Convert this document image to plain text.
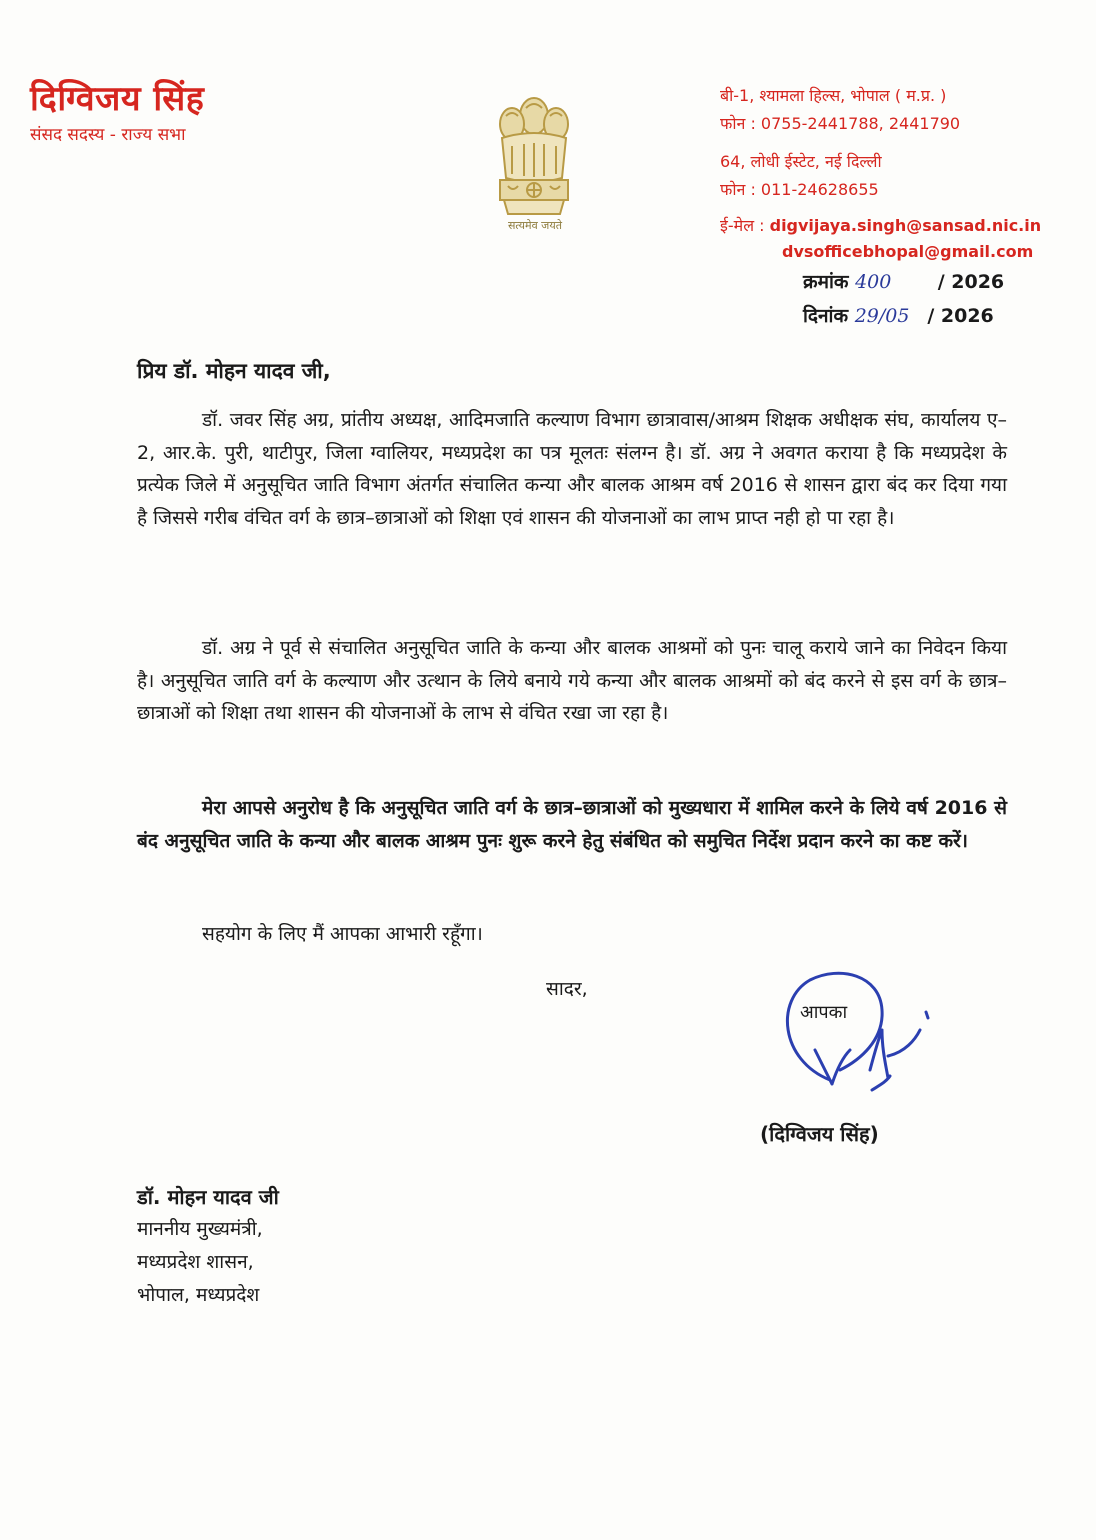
दिग्विजय सिंह
संसद सदस्य - राज्य सभा
सत्यमेव जयते
बी-1, श्यामला हिल्स, भोपाल ( म.प्र. )
फोन : 0755-2441788, 2441790
64, लोधी ईस्टेट, नई दिल्ली
फोन : 011-24628655
ई-मेल : digvijaya.singh@sansad.nic.in
dvsofficebhopal@gmail.com
क्रमांक 400 / 2026
दिनांक 29/05 / 2026
प्रिय डॉ. मोहन यादव जी,
डॉ. जवर सिंह अग्र, प्रांतीय अध्यक्ष, आदिमजाति कल्याण विभाग छात्रावास/आश्रम शिक्षक अधीक्षक संघ, कार्यालय ए–2, आर.के. पुरी, थाटीपुर, जिला ग्वालियर, मध्यप्रदेश का पत्र मूलतः संलग्न है। डॉ. अग्र ने अवगत कराया है कि मध्यप्रदेश के प्रत्येक जिले में अनुसूचित जाति विभाग अंतर्गत संचालित कन्या और बालक आश्रम वर्ष 2016 से शासन द्वारा बंद कर दिया गया है जिससे गरीब वंचित वर्ग के छात्र–छात्राओं को शिक्षा एवं शासन की योजनाओं का लाभ प्राप्त नही हो पा रहा है।
डॉ. अग्र ने पूर्व से संचालित अनुसूचित जाति के कन्या और बालक आश्रमों को पुनः चालू कराये जाने का निवेदन किया है। अनुसूचित जाति वर्ग के कल्याण और उत्थान के लिये बनाये गये कन्या और बालक आश्रमों को बंद करने से इस वर्ग के छात्र–छात्राओं को शिक्षा तथा शासन की योजनाओं के लाभ से वंचित रखा जा रहा है।
मेरा आपसे अनुरोध है कि अनुसूचित जाति वर्ग के छात्र–छात्राओं को मुख्यधारा में शामिल करने के लिये वर्ष 2016 से बंद अनुसूचित जाति के कन्या और बालक आश्रम पुनः शुरू करने हेतु संबंधित को समुचित निर्देश प्रदान करने का कष्ट करें।
सहयोग के लिए मैं आपका आभारी रहूँगा।
सादर,
आपका
(दिग्विजय सिंह)
डॉ. मोहन यादव जी
माननीय मुख्यमंत्री,
मध्यप्रदेश शासन,
भोपाल, मध्यप्रदेश
